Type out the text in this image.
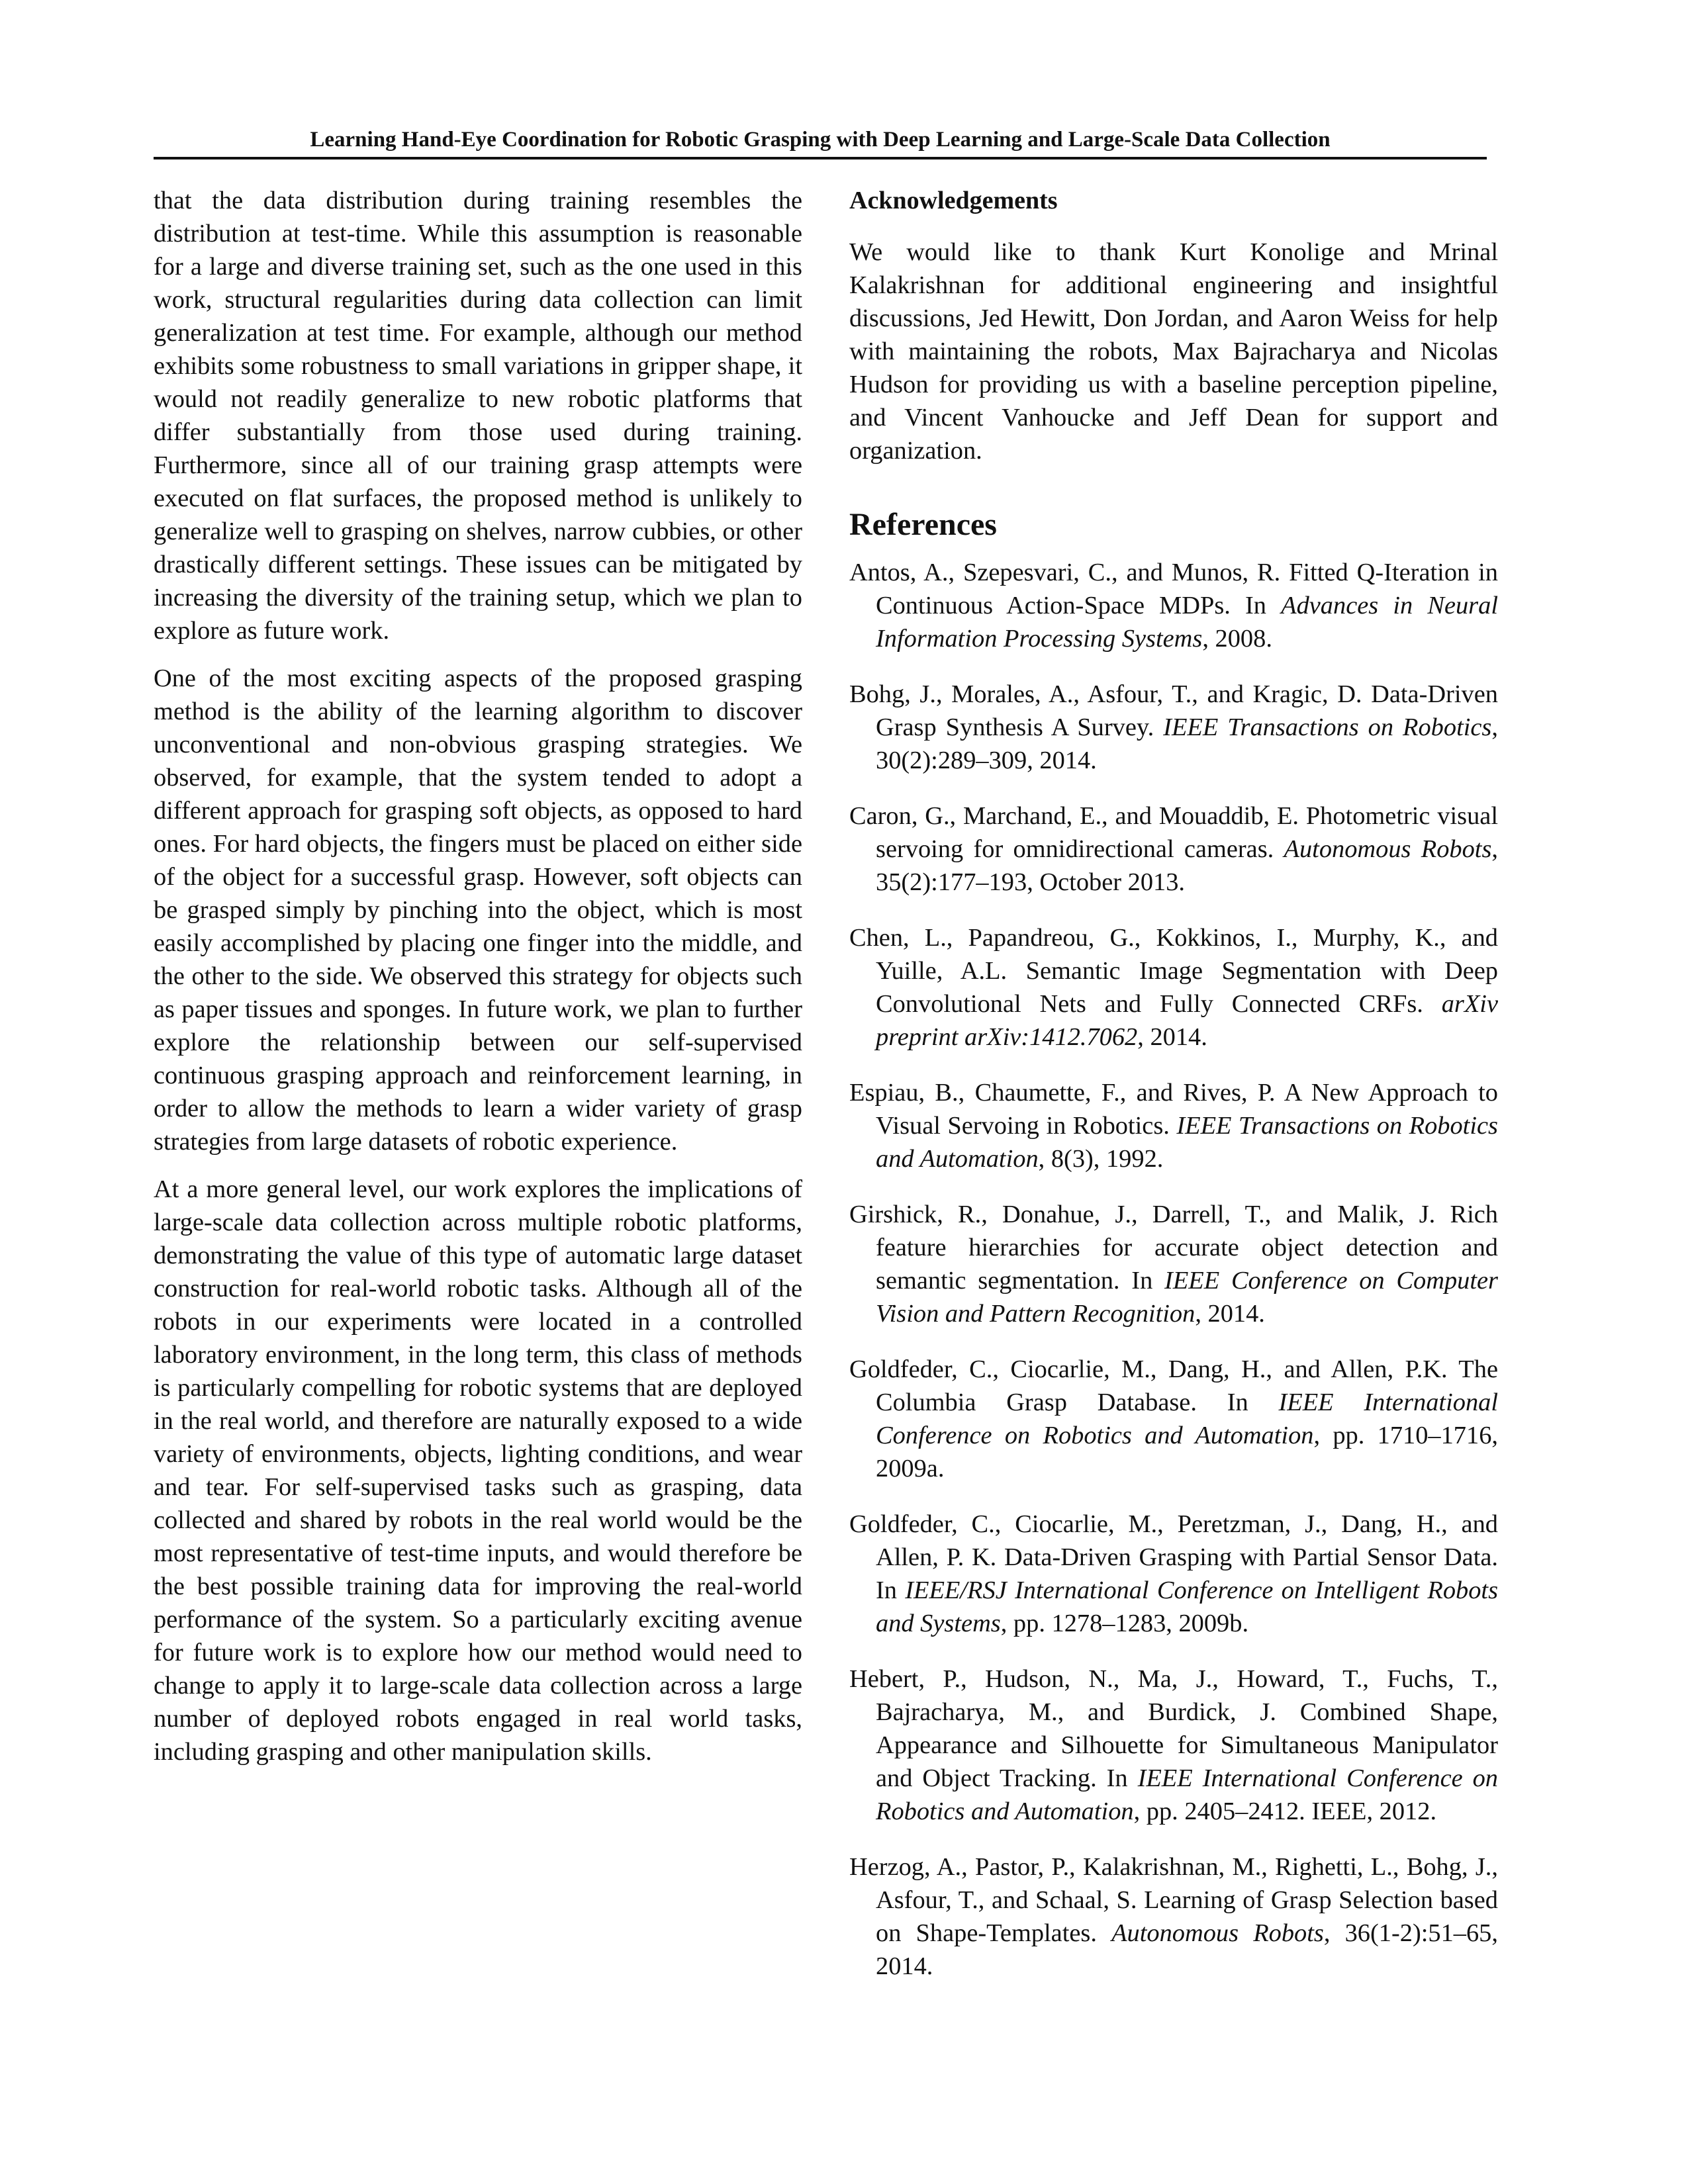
Learning Hand-Eye Coordination for Robotic Grasping with Deep Learning and Large-Scale Data Collection

that the data distribution during training resembles the distribution at test-time. While this assumption is reasonable for a large and diverse training set, such as the one used in this work, structural regularities during data collection can limit generalization at test time. For example, although our method exhibits some robustness to small variations in gripper shape, it would not readily generalize to new robotic platforms that differ substantially from those used during training. Furthermore, since all of our training grasp attempts were executed on flat surfaces, the proposed method is unlikely to generalize well to grasping on shelves, narrow cubbies, or other drastically different settings. These issues can be mitigated by increasing the diversity of the training setup, which we plan to explore as future work.

One of the most exciting aspects of the proposed grasping method is the ability of the learning algorithm to discover unconventional and non-obvious grasping strategies. We observed, for example, that the system tended to adopt a different approach for grasping soft objects, as opposed to hard ones. For hard objects, the fingers must be placed on either side of the object for a successful grasp. However, soft objects can be grasped simply by pinching into the object, which is most easily accomplished by placing one finger into the middle, and the other to the side. We observed this strategy for objects such as paper tissues and sponges. In future work, we plan to further explore the relationship between our self-supervised continuous grasping approach and reinforcement learning, in order to allow the methods to learn a wider variety of grasp strategies from large datasets of robotic experience.

At a more general level, our work explores the implications of large-scale data collection across multiple robotic platforms, demonstrating the value of this type of automatic large dataset construction for real-world robotic tasks. Although all of the robots in our experiments were located in a controlled laboratory environment, in the long term, this class of methods is particularly compelling for robotic systems that are deployed in the real world, and therefore are naturally exposed to a wide variety of environments, objects, lighting conditions, and wear and tear. For self-supervised tasks such as grasping, data collected and shared by robots in the real world would be the most representative of test-time inputs, and would therefore be the best possible training data for improving the real-world performance of the system. So a particularly exciting avenue for future work is to explore how our method would need to change to apply it to large-scale data collection across a large number of deployed robots engaged in real world tasks, including grasping and other manipulation skills.

Acknowledgements

We would like to thank Kurt Konolige and Mrinal Kalakrishnan for additional engineering and insightful discussions, Jed Hewitt, Don Jordan, and Aaron Weiss for help with maintaining the robots, Max Bajracharya and Nicolas Hudson for providing us with a baseline perception pipeline, and Vincent Vanhoucke and Jeff Dean for support and organization.

References
Antos, A., Szepesvari, C., and Munos, R. Fitted Q-Iteration in Continuous Action-Space MDPs. In Advances in Neural Information Processing Systems, 2008.
Bohg, J., Morales, A., Asfour, T., and Kragic, D. Data-Driven Grasp Synthesis A Survey. IEEE Transactions on Robotics, 30(2):289–309, 2014.
Caron, G., Marchand, E., and Mouaddib, E. Photometric visual servoing for omnidirectional cameras. Autonomous Robots, 35(2):177–193, October 2013.
Chen, L., Papandreou, G., Kokkinos, I., Murphy, K., and Yuille, A.L. Semantic Image Segmentation with Deep Convolutional Nets and Fully Connected CRFs. arXiv preprint arXiv:1412.7062, 2014.
Espiau, B., Chaumette, F., and Rives, P. A New Approach to Visual Servoing in Robotics. IEEE Transactions on Robotics and Automation, 8(3), 1992.
Girshick, R., Donahue, J., Darrell, T., and Malik, J. Rich feature hierarchies for accurate object detection and semantic segmentation. In IEEE Conference on Computer Vision and Pattern Recognition, 2014.
Goldfeder, C., Ciocarlie, M., Dang, H., and Allen, P.K. The Columbia Grasp Database. In IEEE International Conference on Robotics and Automation, pp. 1710–1716, 2009a.
Goldfeder, C., Ciocarlie, M., Peretzman, J., Dang, H., and Allen, P. K. Data-Driven Grasping with Partial Sensor Data. In IEEE/RSJ International Conference on Intelligent Robots and Systems, pp. 1278–1283, 2009b.
Hebert, P., Hudson, N., Ma, J., Howard, T., Fuchs, T., Bajracharya, M., and Burdick, J. Combined Shape, Appearance and Silhouette for Simultaneous Manipulator and Object Tracking. In IEEE International Conference on Robotics and Automation, pp. 2405–2412. IEEE, 2012.
Herzog, A., Pastor, P., Kalakrishnan, M., Righetti, L., Bohg, J., Asfour, T., and Schaal, S. Learning of Grasp Selection based on Shape-Templates. Autonomous Robots, 36(1-2):51–65, 2014.
